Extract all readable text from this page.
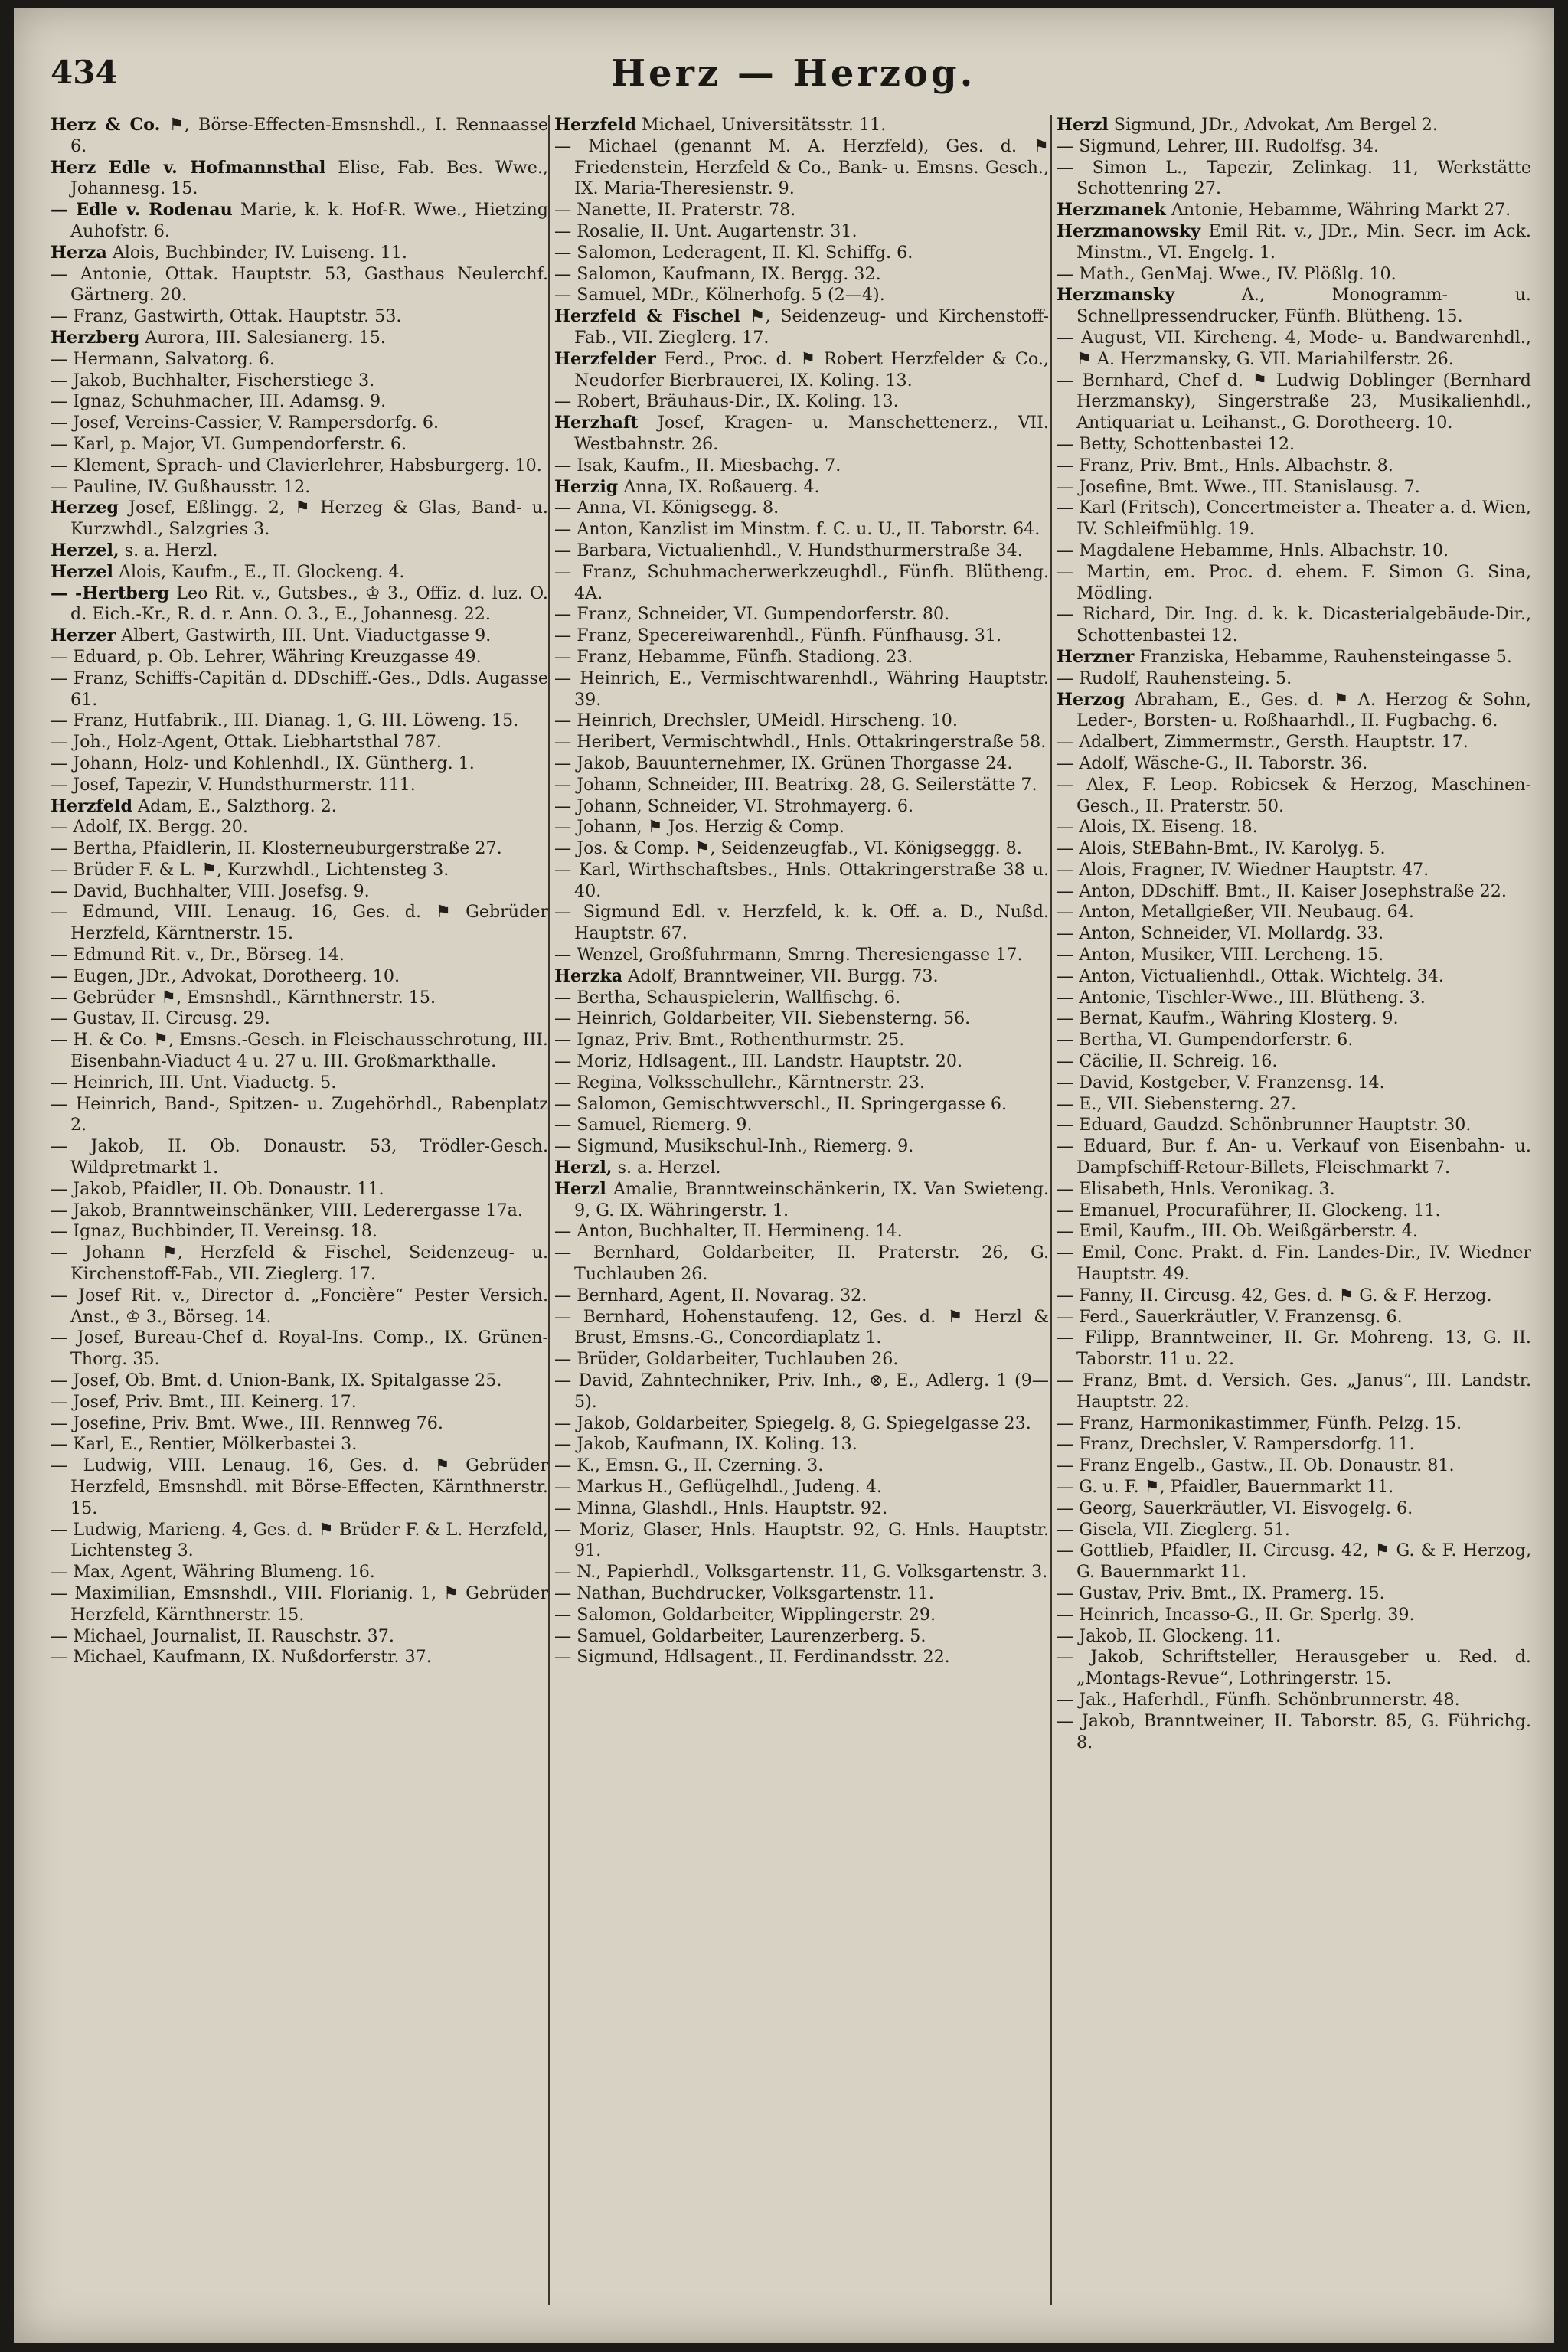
434	Herz — Herzog.

Herz & Co. ⚑, Börse-Effecten-Emsnshdl., I. Rennaasse 6.

Herz Edle v. Hofmannsthal Elise, Fab. Bes. Wwe., Johannesg. 15.

— Edle v. Rodenau Marie, k. k. Hof-R. Wwe., Hietzing Auhofstr. 6.

Herza Alois, Buchbinder, IV. Luiseng. 11.

— Antonie, Ottak. Hauptstr. 53, Gasthaus Neulerchf. Gärtnerg. 20.

— Franz, Gastwirth, Ottak. Hauptstr. 53.

Herzberg Aurora, III. Salesianerg. 15.

— Hermann, Salvatorg. 6.

— Jakob, Buchhalter, Fischerstiege 3.

— Ignaz, Schuhmacher, III. Adamsg. 9.

— Josef, Vereins-Cassier, V. Rampersdorfg. 6.

— Karl, p. Major, VI. Gumpendorferstr. 6.

— Klement, Sprach- und Clavierlehrer, Habsburgerg. 10.

— Pauline, IV. Gußhausstr. 12.

Herzeg Josef, Eßlingg. 2, ⚑ Herzeg & Glas, Band- u. Kurzwhdl., Salzgries 3.

Herzel, s. a. Herzl.

Herzel Alois, Kaufm., E., II. Glockeng. 4.

— -Hertberg Leo Rit. v., Gutsbes., ♔ 3., Offiz. d. luz. O. d. Eich.-Kr., R. d. r. Ann. O. 3., E., Johannesg. 22.

Herzer Albert, Gastwirth, III. Unt. Viaductgasse 9.

— Eduard, p. Ob. Lehrer, Währing Kreuzgasse 49.

— Franz, Schiffs-Capitän d. DDschiff.-Ges., Ddls. Augasse 61.

— Franz, Hutfabrik., III. Dianag. 1, G. III. Löweng. 15.

— Joh., Holz-Agent, Ottak. Liebhartsthal 787.

— Johann, Holz- und Kohlenhdl., IX. Güntherg. 1.

— Josef, Tapezir, V. Hundsthurmerstr. 111.

Herzfeld Adam, E., Salzthorg. 2.

— Adolf, IX. Bergg. 20.

— Bertha, Pfaidlerin, II. Klosterneuburgerstraße 27.

— Brüder F. & L. ⚑, Kurzwhdl., Lichtensteg 3.

— David, Buchhalter, VIII. Josefsg. 9.

— Edmund, VIII. Lenaug. 16, Ges. d. ⚑ Gebrüder Herzfeld, Kärntnerstr. 15.

— Edmund Rit. v., Dr., Börseg. 14.

— Eugen, JDr., Advokat, Dorotheerg. 10.

— Gebrüder ⚑, Emsnshdl., Kärnthnerstr. 15.

— Gustav, II. Circusg. 29.

— H. & Co. ⚑, Emsns.-Gesch. in Fleischausschrotung, III. Eisenbahn-Viaduct 4 u. 27 u. III. Großmarkthalle.

— Heinrich, III. Unt. Viaductg. 5.

— Heinrich, Band-, Spitzen- u. Zugehörhdl., Rabenplatz 2.

— Jakob, II. Ob. Donaustr. 53, Trödler-Gesch. Wildpretmarkt 1.

— Jakob, Pfaidler, II. Ob. Donaustr. 11.

— Jakob, Branntweinschänker, VIII. Lederergasse 17a.

— Ignaz, Buchbinder, II. Vereinsg. 18.

— Johann ⚑, Herzfeld & Fischel, Seidenzeug- u. Kirchenstoff-Fab., VII. Zieglerg. 17.

— Josef Rit. v., Director d. „Foncière“ Pester Versich. Anst., ♔ 3., Börseg. 14.

— Josef, Bureau-Chef d. Royal-Ins. Comp., IX. Grünen-Thorg. 35.

— Josef, Ob. Bmt. d. Union-Bank, IX. Spitalgasse 25.

— Josef, Priv. Bmt., III. Keinerg. 17.

— Josefine, Priv. Bmt. Wwe., III. Rennweg 76.

— Karl, E., Rentier, Mölkerbastei 3.

— Ludwig, VIII. Lenaug. 16, Ges. d. ⚑ Gebrüder Herzfeld, Emsnshdl. mit Börse-Effecten, Kärnthnerstr. 15.

— Ludwig, Marieng. 4, Ges. d. ⚑ Brüder F. & L. Herzfeld, Lichtensteg 3.

— Max, Agent, Währing Blumeng. 16.

— Maximilian, Emsnshdl., VIII. Florianig. 1, ⚑ Gebrüder Herzfeld, Kärnthnerstr. 15.

— Michael, Journalist, II. Rauschstr. 37.

— Michael, Kaufmann, IX. Nußdorferstr. 37.

Herzfeld Michael, Universitätsstr. 11.

— Michael (genannt M. A. Herzfeld), Ges. d. ⚑ Friedenstein, Herzfeld & Co., Bank- u. Emsns. Gesch., IX. Maria-Theresienstr. 9.

— Nanette, II. Praterstr. 78.

— Rosalie, II. Unt. Augartenstr. 31.

— Salomon, Lederagent, II. Kl. Schiffg. 6.

— Salomon, Kaufmann, IX. Bergg. 32.

— Samuel, MDr., Kölnerhofg. 5 (2—4).

Herzfeld & Fischel ⚑, Seidenzeug- und Kirchenstoff-Fab., VII. Zieglerg. 17.

Herzfelder Ferd., Proc. d. ⚑ Robert Herzfelder & Co., Neudorfer Bierbrauerei, IX. Koling. 13.

— Robert, Bräuhaus-Dir., IX. Koling. 13.

Herzhaft Josef, Kragen- u. Manschettenerz., VII. Westbahnstr. 26.

— Isak, Kaufm., II. Miesbachg. 7.

Herzig Anna, IX. Roßauerg. 4.

— Anna, VI. Königsegg. 8.

— Anton, Kanzlist im Minstm. f. C. u. U., II. Taborstr. 64.

— Barbara, Victualienhdl., V. Hundsthurmerstraße 34.

— Franz, Schuhmacherwerkzeughdl., Fünfh. Blütheng. 4A.

— Franz, Schneider, VI. Gumpendorferstr. 80.

— Franz, Specereiwarenhdl., Fünfh. Fünfhausg. 31.

— Franz, Hebamme, Fünfh. Stadiong. 23.

— Heinrich, E., Vermischtwarenhdl., Währing Hauptstr. 39.

— Heinrich, Drechsler, UMeidl. Hirscheng. 10.

— Heribert, Vermischtwhdl., Hnls. Ottakringerstraße 58.

— Jakob, Bauunternehmer, IX. Grünen Thorgasse 24.

— Johann, Schneider, III. Beatrixg. 28, G. Seilerstätte 7.

— Johann, Schneider, VI. Strohmayerg. 6.

— Johann, ⚑ Jos. Herzig & Comp.

— Jos. & Comp. ⚑, Seidenzeugfab., VI. Königseggg. 8.

— Karl, Wirthschaftsbes., Hnls. Ottakringerstraße 38 u. 40.

— Sigmund Edl. v. Herzfeld, k. k. Off. a. D., Nußd. Hauptstr. 67.

— Wenzel, Großfuhrmann, Smrng. Theresiengasse 17.

Herzka Adolf, Branntweiner, VII. Burgg. 73.

— Bertha, Schauspielerin, Wallfischg. 6.

— Heinrich, Goldarbeiter, VII. Siebensterng. 56.

— Ignaz, Priv. Bmt., Rothenthurmstr. 25.

— Moriz, Hdlsagent., III. Landstr. Hauptstr. 20.

— Regina, Volksschullehr., Kärntnerstr. 23.

— Salomon, Gemischtwverschl., II. Springergasse 6.

— Samuel, Riemerg. 9.

— Sigmund, Musikschul-Inh., Riemerg. 9.

Herzl, s. a. Herzel.

Herzl Amalie, Branntweinschänkerin, IX. Van Swieteng. 9, G. IX. Währingerstr. 1.

— Anton, Buchhalter, II. Hermineng. 14.

— Bernhard, Goldarbeiter, II. Praterstr. 26, G. Tuchlauben 26.

— Bernhard, Agent, II. Novarag. 32.

— Bernhard, Hohenstaufeng. 12, Ges. d. ⚑ Herzl & Brust, Emsns.-G., Concordiaplatz 1.

— Brüder, Goldarbeiter, Tuchlauben 26.

— David, Zahntechniker, Priv. Inh., ⊗, E., Adlerg. 1 (9—5).

— Jakob, Goldarbeiter, Spiegelg. 8, G. Spiegelgasse 23.

— Jakob, Kaufmann, IX. Koling. 13.

— K., Emsn. G., II. Czerning. 3.

— Markus H., Geflügelhdl., Judeng. 4.

— Minna, Glashdl., Hnls. Hauptstr. 92.

— Moriz, Glaser, Hnls. Hauptstr. 92, G. Hnls. Hauptstr. 91.

— N., Papierhdl., Volksgartenstr. 11, G. Volksgartenstr. 3.

— Nathan, Buchdrucker, Volksgartenstr. 11.

— Salomon, Goldarbeiter, Wipplingerstr. 29.

— Samuel, Goldarbeiter, Laurenzerberg. 5.

— Sigmund, Hdlsagent., II. Ferdinandsstr. 22.

Herzl Sigmund, JDr., Advokat, Am Bergel 2.

— Sigmund, Lehrer, III. Rudolfsg. 34.

— Simon L., Tapezir, Zelinkag. 11, Werkstätte Schottenring 27.

Herzmanek Antonie, Hebamme, Währing Markt 27.

Herzmanowsky Emil Rit. v., JDr., Min. Secr. im Ack. Minstm., VI. Engelg. 1.

— Math., GenMaj. Wwe., IV. Plößlg. 10.

Herzmansky	A., Monogramm- u. Schnellpressendrucker, Fünfh. Blütheng. 15.

— August, VII. Kircheng. 4, Mode- u. Bandwarenhdl., ⚑ A. Herzmansky, G. VII. Mariahilferstr. 26.

— Bernhard, Chef d. ⚑ Ludwig Doblinger (Bernhard Herzmansky), Singerstraße 23, Musikalienhdl., Antiquariat u. Leihanst., G. Dorotheerg. 10.

— Betty, Schottenbastei 12.

— Franz, Priv. Bmt., Hnls. Albachstr. 8.

— Josefine, Bmt. Wwe., III. Stanislausg. 7.

— Karl (Fritsch), Concertmeister a. Theater a. d. Wien, IV. Schleifmühlg. 19.

— Magdalene Hebamme, Hnls. Albachstr. 10.

— Martin, em. Proc. d. ehem. F. Simon G. Sina, Mödling.

— Richard, Dir. Ing. d. k. k. Dicasterialgebäude-Dir., Schottenbastei 12.

Herzner Franziska, Hebamme, Rauhensteingasse 5.

— Rudolf, Rauhensteing. 5.

Herzog Abraham, E., Ges. d. ⚑ A. Herzog & Sohn, Leder-, Borsten- u. Roßhaarhdl., II. Fugbachg. 6.

— Adalbert, Zimmermstr., Gersth. Hauptstr. 17.

— Adolf, Wäsche-G., II. Taborstr. 36.

— Alex, F. Leop. Robicsek & Herzog, Maschinen-Gesch., II. Praterstr. 50.

— Alois, IX. Eiseng. 18.

— Alois, StEBahn-Bmt., IV. Karolyg. 5.

— Alois, Fragner, IV. Wiedner Hauptstr. 47.

— Anton, DDschiff. Bmt., II. Kaiser Josephstraße 22.

— Anton, Metallgießer, VII. Neubaug. 64.

— Anton, Schneider, VI. Mollardg. 33.

— Anton, Musiker, VIII. Lercheng. 15.

— Anton, Victualienhdl., Ottak. Wichtelg. 34.

— Antonie, Tischler-Wwe., III. Blütheng. 3.

— Bernat, Kaufm., Währing Klosterg. 9.

— Bertha, VI. Gumpendorferstr. 6.

— Cäcilie, II. Schreig. 16.

— David, Kostgeber, V. Franzensg. 14.

— E., VII. Siebensterng. 27.

— Eduard, Gaudzd. Schönbrunner Hauptstr. 30.

— Eduard, Bur. f. An- u. Verkauf von Eisenbahn- u. Dampfschiff-Retour-Billets, Fleischmarkt 7.

— Elisabeth, Hnls. Veronikag. 3.

— Emanuel, Procuraführer, II. Glockeng. 11.

— Emil, Kaufm., III. Ob. Weißgärberstr. 4.

— Emil, Conc. Prakt. d. Fin. Landes-Dir., IV. Wiedner Hauptstr. 49.

— Fanny, II. Circusg. 42, Ges. d. ⚑ G. & F. Herzog.

— Ferd., Sauerkräutler, V. Franzensg. 6.

— Filipp, Branntweiner, II. Gr. Mohreng. 13, G. II. Taborstr. 11 u. 22.

— Franz, Bmt. d. Versich. Ges. „Janus“, III. Landstr. Hauptstr. 22.

— Franz, Harmonikastimmer, Fünfh. Pelzg. 15.

— Franz, Drechsler, V. Rampersdorfg. 11.

— Franz Engelb., Gastw., II. Ob. Donaustr. 81.

— G. u. F. ⚑, Pfaidler, Bauernmarkt 11.

— Georg, Sauerkräutler, VI. Eisvogelg. 6.

— Gisela, VII. Zieglerg. 51.

— Gottlieb, Pfaidler, II. Circusg. 42, ⚑ G. & F. Herzog, G. Bauernmarkt 11.

— Gustav, Priv. Bmt., IX. Pramerg. 15.

— Heinrich, Incasso-G., II. Gr. Sperlg. 39.

— Jakob, II. Glockeng. 11.

— Jakob, Schriftsteller, Herausgeber u. Red. d. „Montags-Revue“, Lothringerstr. 15.

— Jak., Haferhdl., Fünfh. Schönbrunnerstr. 48.

— Jakob, Branntweiner, II. Taborstr. 85, G. Führichg. 8.
